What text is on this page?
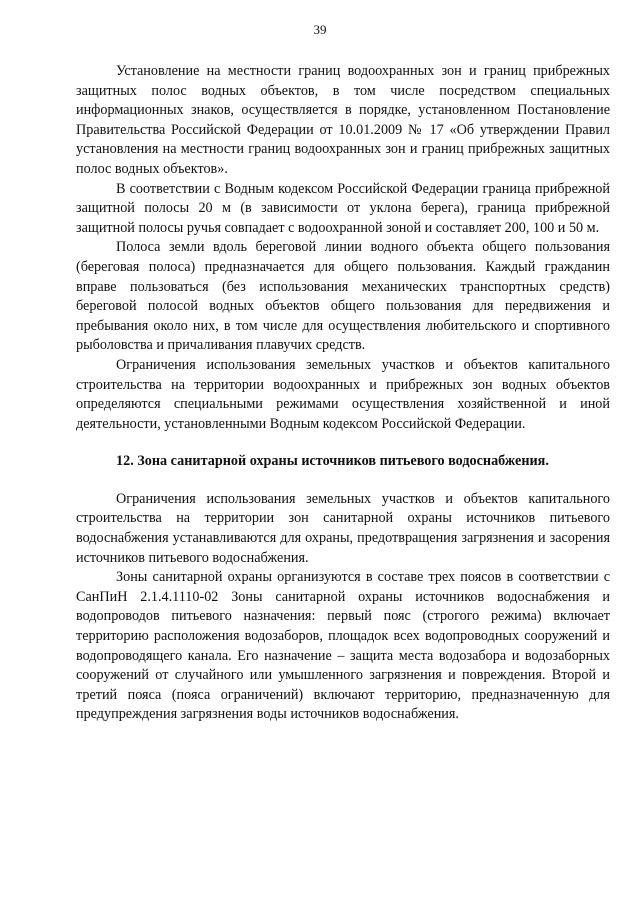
39

Установление на местности границ водоохранных зон и границ прибрежных защитных полос водных объектов, в том числе посредством специальных информационных знаков, осуществляется в порядке, установленном Постановление Правительства Российской Федерации от 10.01.2009 № 17 «Об утверждении Правил установления на местности границ водоохранных зон и границ прибрежных защитных полос водных объектов».

В соответствии с Водным кодексом Российской Федерации граница прибрежной защитной полосы 20 м (в зависимости от уклона берега), граница прибрежной защитной полосы ручья совпадает с водоохранной зоной и составляет 200, 100 и 50 м.

Полоса земли вдоль береговой линии водного объекта общего пользования (береговая полоса) предназначается для общего пользования. Каждый гражданин вправе пользоваться (без использования механических транспортных средств) береговой полосой водных объектов общего пользования для передвижения и пребывания около них, в том числе для осуществления любительского и спортивного рыболовства и причаливания плавучих средств.

Ограничения использования земельных участков и объектов капитального строительства на территории водоохранных и прибрежных зон водных объектов определяются специальными режимами осуществления хозяйственной и иной деятельности, установленными Водным кодексом Российской Федерации.

12. Зона санитарной охраны источников питьевого водоснабжения.

Ограничения использования земельных участков и объектов капитального строительства на территории зон санитарной охраны источников питьевого водоснабжения устанавливаются для охраны, предотвращения загрязнения и засорения источников питьевого водоснабжения.

Зоны санитарной охраны организуются в составе трех поясов в соответствии с СанПиН 2.1.4.1110-02 Зоны санитарной охраны источников водоснабжения и водопроводов питьевого назначения: первый пояс (строгого режима) включает территорию расположения водозаборов, площадок всех водопроводных сооружений и водопроводящего канала. Его назначение – защита места водозабора и водозаборных сооружений от случайного или умышленного загрязнения и повреждения. Второй и третий пояса (пояса ограничений) включают территорию, предназначенную для предупреждения загрязнения воды источников водоснабжения.
